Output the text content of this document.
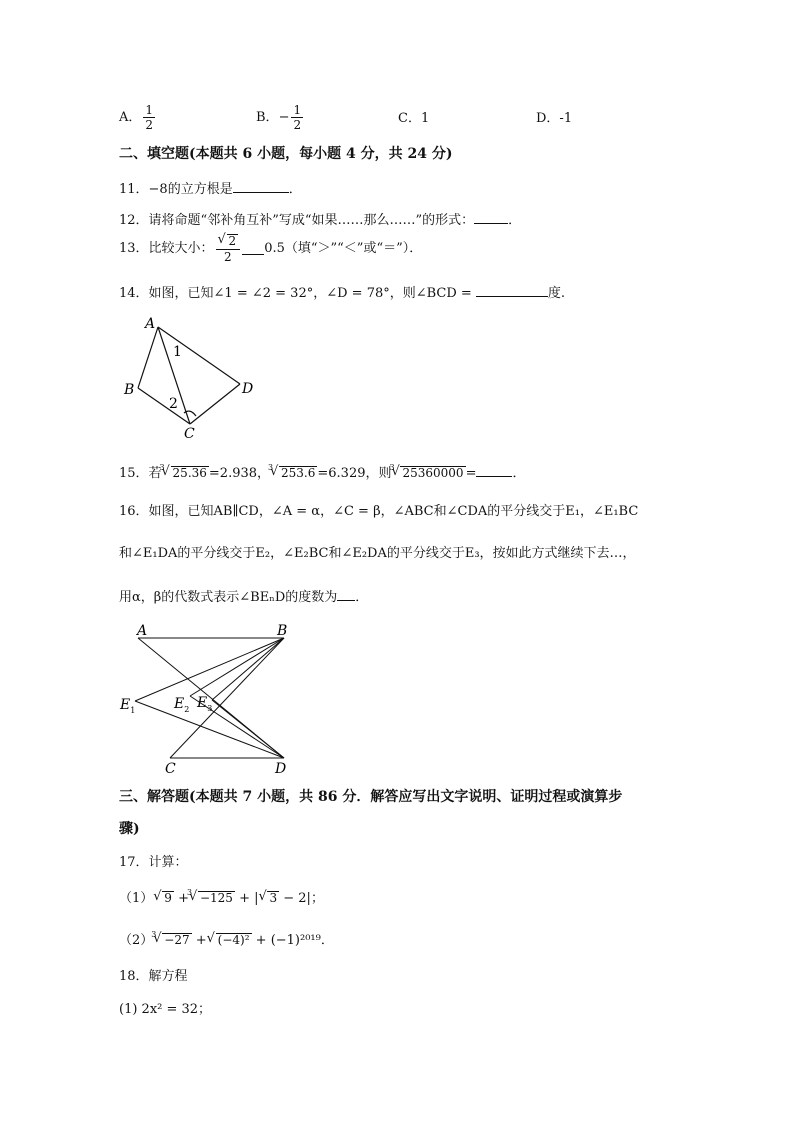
A． $\frac{1}{2}$	B．− $\frac{1}{2}$	C．1	D．-1
二、填空题(本题共 6 小题，每小题 4 分，共 24 分)
11．−8的立方根是	．
12．请将命题“邻补角互补”写成“如果……那么……”的形式：	．
13．比较大小： √ $\frac{2}{2} 0.5$（填“＞”“＜”或“＝”）．
14．如图，已知∠1 = ∠2 = 32°，∠D = 78°，则∠BCD =	度.
A
B
C
D
1
2
15．若
√ 3 25.36 =2.938，
√ 3 253.6 =6.329，则
√ 3 25360000 =	．
16．如图，已知AB∥CD，∠A = α，∠C = β，∠ABC和∠CDA的平分线交于E₁，∠E₁BC
和∠E₁DA的平分线交于E₂，∠E₂BC和∠E₂DA的平分线交于E₃，按如此方式继续下去…，
用α，β的代数式表示∠BEₙD的度数为 ．
A	B
C	D
$E_1$	$E_2$ $E_3$
三、解答题(本题共 7 小题，共 86 分．解答应写出文字说明、证明过程或演算步
骤)
17．计算：
（1） √ 9 +
√ 3 −125 + | √ 3 − 2|；
（2）
√ 3 −27 + √ (−4)² + (−1)²⁰¹⁹．
18．解方程
(1) 2x² = 32；
